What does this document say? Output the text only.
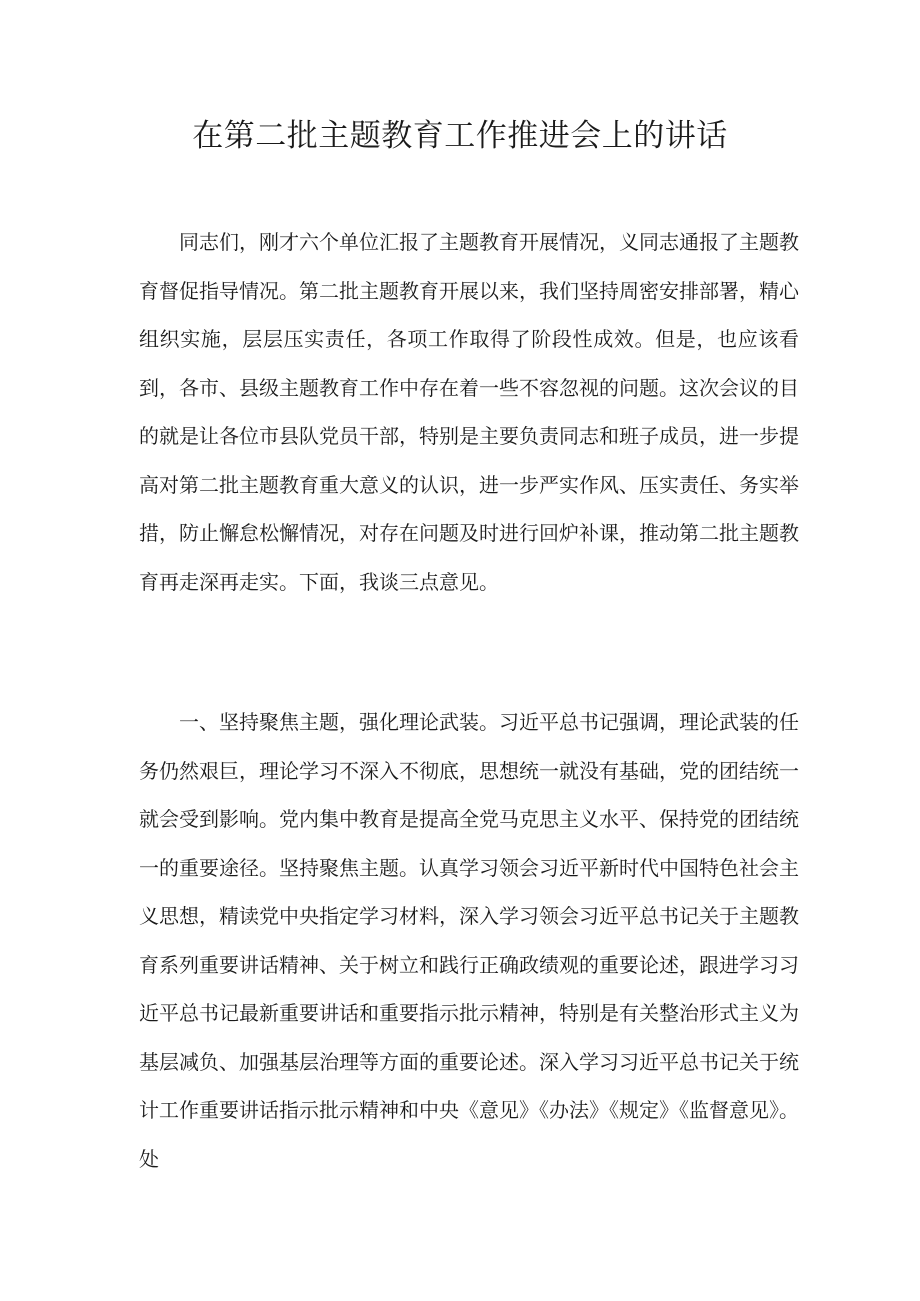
在第二批主题教育工作推进会上的讲话

同志们，刚才六个单位汇报了主题教育开展情况，义同志通报了主题教育督促指导情况。第二批主题教育开展以来，我们坚持周密安排部署，精心组织实施，层层压实责任，各项工作取得了阶段性成效。但是，也应该看到，各市、县级主题教育工作中存在着一些不容忽视的问题。这次会议的目的就是让各位市县队党员干部，特别是主要负责同志和班子成员，进一步提高对第二批主题教育重大意义的认识，进一步严实作风、压实责任、务实举措，防止懈怠松懈情况，对存在问题及时进行回炉补课，推动第二批主题教育再走深再走实。下面，我谈三点意见。

一、坚持聚焦主题，强化理论武装。习近平总书记强调，理论武装的任务仍然艰巨，理论学习不深入不彻底，思想统一就没有基础，党的团结统一就会受到影响。党内集中教育是提高全党马克思主义水平、保持党的团结统一的重要途径。坚持聚焦主题。认真学习领会习近平新时代中国特色社会主义思想，精读党中央指定学习材料，深入学习领会习近平总书记关于主题教育系列重要讲话精神、关于树立和践行正确政绩观的重要论述，跟进学习习近平总书记最新重要讲话和重要指示批示精神，特别是有关整治形式主义为基层减负、加强基层治理等方面的重要论述。深入学习习近平总书记关于统计工作重要讲话指示批示精神和中央《意见》《办法》《规定》《监督意见》。处
